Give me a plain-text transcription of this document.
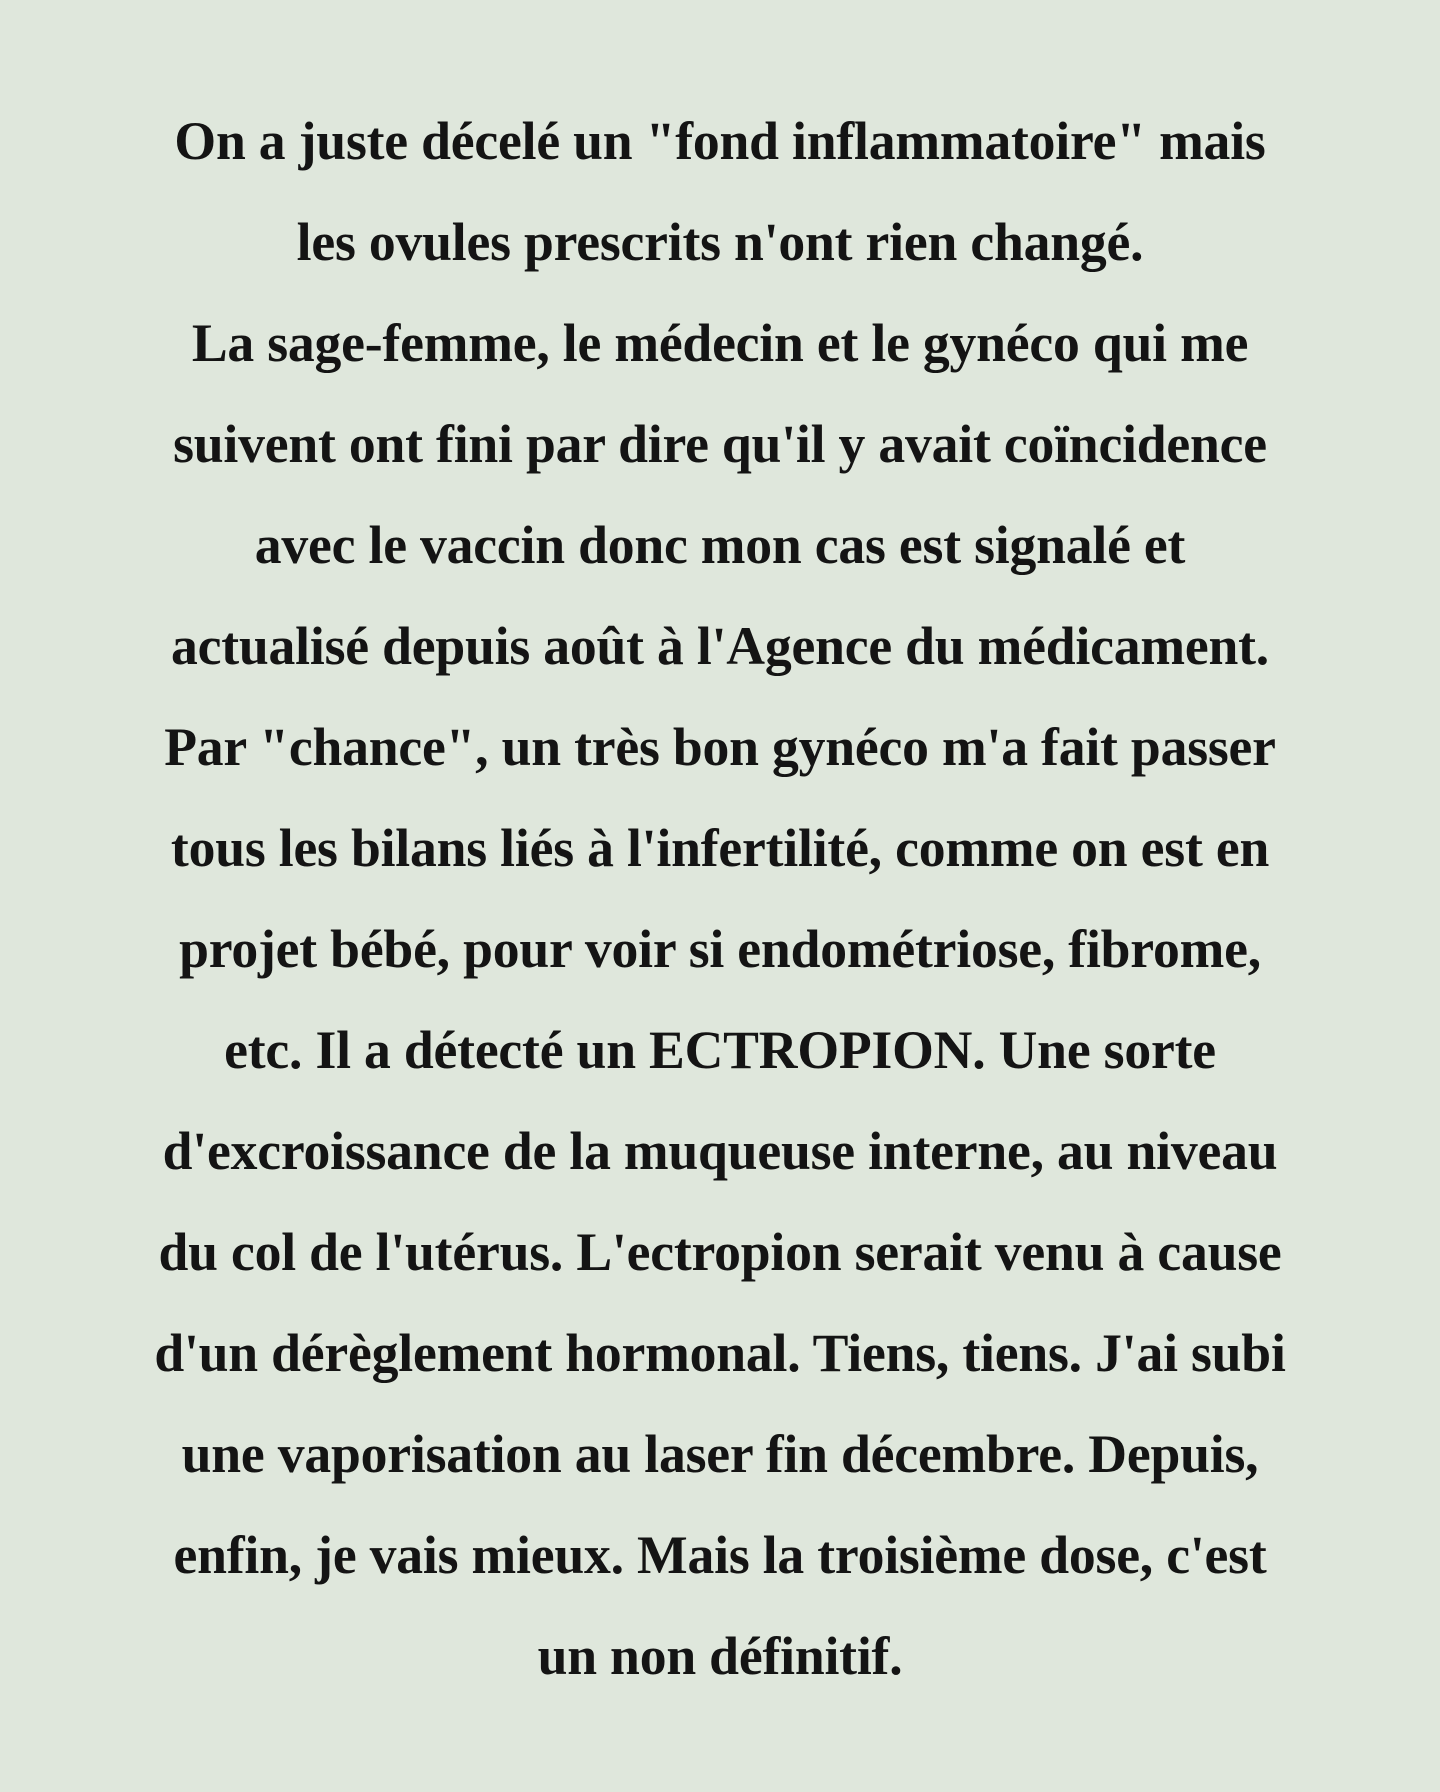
On a juste décelé un "fond inflammatoire" mais
les ovules prescrits n'ont rien changé.
La sage-femme, le médecin et le gynéco qui me
suivent ont fini par dire qu'il y avait coïncidence
avec le vaccin donc mon cas est signalé et
actualisé depuis août à l'Agence du médicament.
Par "chance", un très bon gynéco m'a fait passer
tous les bilans liés à l'infertilité, comme on est en
projet bébé, pour voir si endométriose, fibrome,
etc. Il a détecté un ECTROPION. Une sorte
d'excroissance de la muqueuse interne, au niveau
du col de l'utérus. L'ectropion serait venu à cause
d'un dérèglement hormonal. Tiens, tiens. J'ai subi
une vaporisation au laser fin décembre. Depuis,
enfin, je vais mieux. Mais la troisième dose, c'est
un non définitif.
